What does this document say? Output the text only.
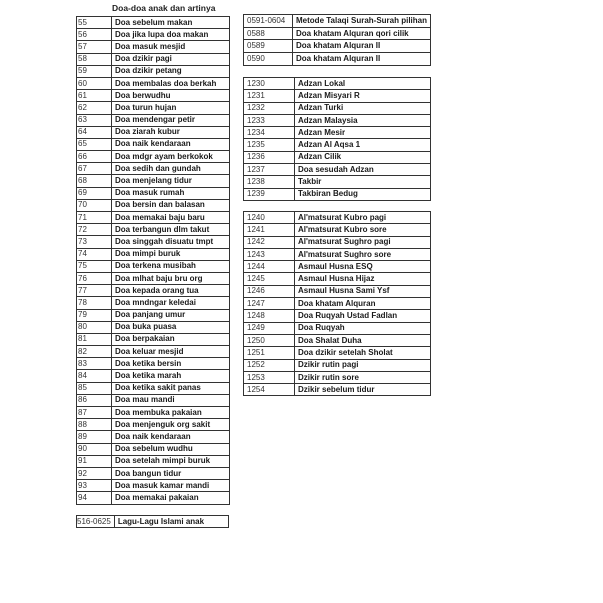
Doa-doa anak dan artinya
55	Doa sebelum makan
56	Doa jika lupa doa makan
57	Doa masuk mesjid
58	Doa dzikir pagi
59	Doa dzikir petang
60	Doa membalas doa berkah
61	Doa berwudhu
62	Doa turun hujan
63	Doa mendengar petir
64	Doa ziarah kubur
65	Doa naik kendaraan
66	Doa mdgr ayam berkokok
67	Doa sedih dan gundah
68	Doa menjelang tidur
69	Doa masuk rumah
70	Doa bersin dan balasan
71	Doa memakai baju baru
72	Doa terbangun dlm takut
73	Doa singgah disuatu tmpt
74	Doa mimpi buruk
75	Doa terkena musibah
76	Doa mlhat baju bru org
77	Doa kepada orang tua
78	Doa mndngar keledai
79	Doa panjang umur
80	Doa buka puasa
81	Doa berpakaian
82	Doa keluar mesjid
83	Doa ketika bersin
84	Doa ketika marah
85	Doa ketika sakit panas
86	Doa mau mandi
87	Doa membuka pakaian
88	Doa menjenguk org sakit
89	Doa naik kendaraan
90	Doa sebelum wudhu
91	Doa setelah mimpi buruk
92	Doa bangun tidur
93	Doa masuk kamar mandi
94	Doa memakai pakaian
516-0625	Lagu-Lagu Islami anak
0591-0604	Metode Talaqi Surah-Surah pilihan
0588	Doa khatam Alquran qori cilik
0589	Doa khatam Alquran II
0590	Doa khatam Alquran II
1230	Adzan Lokal
1231	Adzan Misyari R
1232	Adzan Turki
1233	Adzan Malaysia
1234	Adzan Mesir
1235	Adzan Al Aqsa 1
1236	Adzan Cilik
1237	Doa sesudah Adzan
1238	Takbir
1239	Takbiran Bedug
1240	Al'matsurat Kubro pagi
1241	Al'matsurat Kubro sore
1242	Al'matsurat Sughro pagi
1243	Al'matsurat Sughro sore
1244	Asmaul Husna ESQ
1245	Asmaul Husna Hijaz
1246	Asmaul Husna Sami Ysf
1247	Doa khatam Alquran
1248	Doa Ruqyah Ustad Fadlan
1249	Doa Ruqyah
1250	Doa Shalat Duha
1251	Doa dzikir setelah Sholat
1252	Dzikir rutin pagi
1253	Dzikir rutin sore
1254	Dzikir sebelum tidur
